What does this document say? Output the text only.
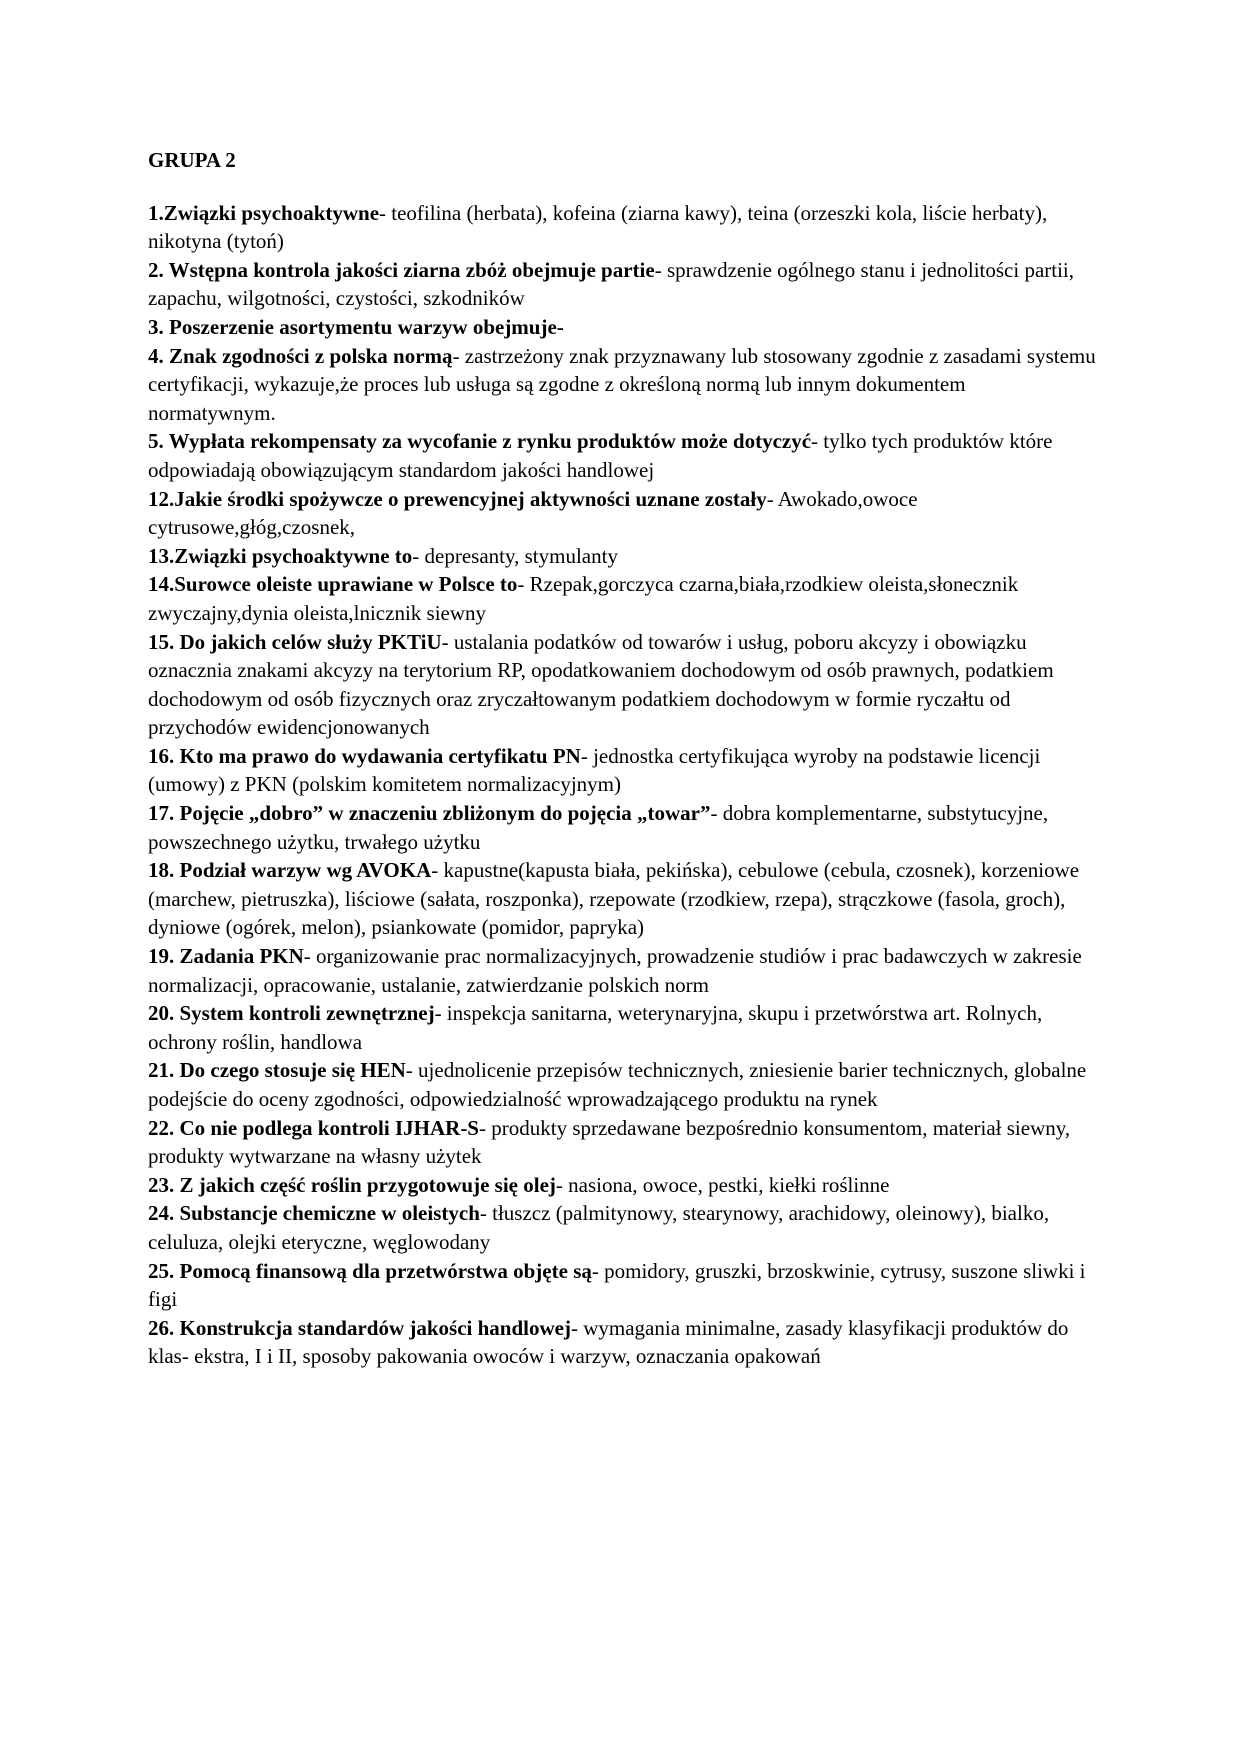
GRUPA 2

1.Związki psychoaktywne- teofilina (herbata), kofeina (ziarna kawy), teina (orzeszki kola, liście herbaty), nikotyna (tytoń)

2. Wstępna kontrola jakości ziarna zbóż obejmuje partie- sprawdzenie ogólnego stanu i jednolitości partii, zapachu, wilgotności, czystości, szkodników

3. Poszerzenie asortymentu warzyw obejmuje-

4. Znak zgodności z polska normą- zastrzeżony znak przyznawany lub stosowany zgodnie z zasadami systemu certyfikacji, wykazuje,że proces lub usługa są zgodne z określoną normą lub innym dokumentem normatywnym.

5. Wypłata rekompensaty za wycofanie z rynku produktów może dotyczyć- tylko tych produktów które odpowiadają obowiązującym standardom jakości handlowej

12.Jakie środki spożywcze o prewencyjnej aktywności uznane zostały- Awokado,owoce cytrusowe,głóg,czosnek,

13.Związki psychoaktywne to- depresanty, stymulanty

14.Surowce oleiste uprawiane w Polsce to- Rzepak,gorczyca czarna,biała,rzodkiew oleista,słonecznik zwyczajny,dynia oleista,lnicznik siewny

15. Do jakich celów służy PKTiU- ustalania podatków od towarów i usług, poboru akcyzy i obowiązku oznacznia znakami akcyzy na terytorium RP, opodatkowaniem dochodowym od osób prawnych, podatkiem dochodowym od osób fizycznych oraz zryczałtowanym podatkiem dochodowym w formie ryczałtu od przychodów ewidencjonowanych

16. Kto ma prawo do wydawania certyfikatu PN- jednostka certyfikująca wyroby na podstawie licencji (umowy) z PKN (polskim komitetem normalizacyjnym)

17. Pojęcie „dobro” w znaczeniu zbliżonym do pojęcia „towar”- dobra komplementarne, substytucyjne, powszechnego użytku, trwałego użytku

18. Podział warzyw wg AVOKA- kapustne(kapusta biała, pekińska), cebulowe (cebula, czosnek), korzeniowe (marchew, pietruszka), liściowe (sałata, roszponka), rzepowate (rzodkiew, rzepa), strączkowe (fasola, groch), dyniowe (ogórek, melon), psiankowate (pomidor, papryka)

19. Zadania PKN- organizowanie prac normalizacyjnych, prowadzenie studiów i prac badawczych w zakresie normalizacji, opracowanie, ustalanie, zatwierdzanie polskich norm

20. System kontroli zewnętrznej- inspekcja sanitarna, weterynaryjna, skupu i przetwórstwa art. Rolnych, ochrony roślin, handlowa

21. Do czego stosuje się HEN- ujednolicenie przepisów technicznych, zniesienie barier technicznych, globalne podejście do oceny zgodności, odpowiedzialność wprowadzającego produktu na rynek

22. Co nie podlega kontroli IJHAR-S- produkty sprzedawane bezpośrednio konsumentom, materiał siewny, produkty wytwarzane na własny użytek

23. Z jakich część roślin przygotowuje się olej- nasiona, owoce, pestki, kiełki roślinne

24. Substancje chemiczne w oleistych- tłuszcz (palmitynowy, stearynowy, arachidowy, oleinowy), bialko, celuluza, olejki eteryczne, węglowodany

25. Pomocą finansową dla przetwórstwa objęte są- pomidory, gruszki, brzoskwinie, cytrusy, suszone sliwki i figi

26. Konstrukcja standardów jakości handlowej- wymagania minimalne, zasady klasyfikacji produktów do klas- ekstra, I i II, sposoby pakowania owoców i warzyw, oznaczania opakowań
